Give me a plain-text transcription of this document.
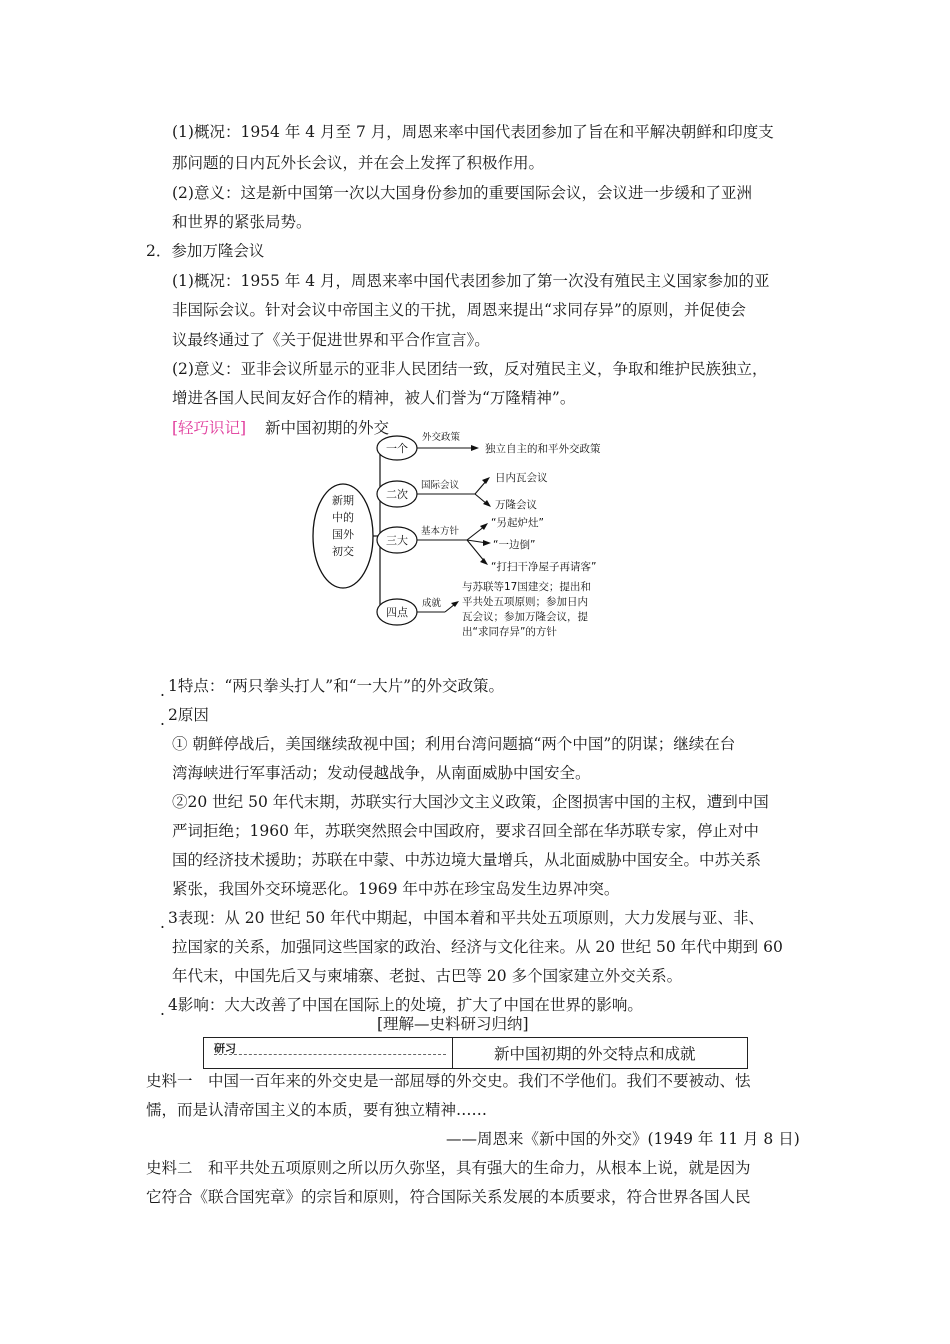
(1)概况：1954 年 4 月至 7 月，周恩来率中国代表团参加了旨在和平解决朝鲜和印度支
那问题的日内瓦外长会议，并在会上发挥了积极作用。
(2)意义：这是新中国第一次以大国身份参加的重要国际会议，会议进一步缓和了亚洲
和世界的紧张局势。
2．参加万隆会议
(1)概况：1955 年 4 月，周恩来率中国代表团参加了第一次没有殖民主义国家参加的亚
非国际会议。针对会议中帝国主义的干扰，周恩来提出“求同存异”的原则，并促使会
议最终通过了《关于促进世界和平合作宣言》。
(2)意义：亚非会议所显示的亚非人民团结一致，反对殖民主义，争取和维护民族独立，
增进各国人民间友好合作的精神，被人们誉为“万隆精神”。
[轻巧识记] 新中国初期的外交
新期
中的
国外
初交
一个
二次
三大
四点
外交政策
独立自主的和平外交政策
国际会议
日内瓦会议
万隆会议
基本方针
“另起炉灶”
“一边倒”
“打扫干净屋子再请客”
成就
与苏联等17国建交；提出和
平共处五项原则；参加日内
瓦会议；参加万隆会议，提
出“求同存异”的方针
. 1特点：“两只拳头打人”和“一大片”的外交政策。
. 2原因
① 朝鲜停战后，美国继续敌视中国；利用台湾问题搞“两个中国”的阴谋；继续在台
湾海峡进行军事活动；发动侵越战争，从南面威胁中国安全。
②20 世纪 50 年代末期，苏联实行大国沙文主义政策，企图损害中国的主权，遭到中国
严词拒绝；1960 年，苏联突然照会中国政府，要求召回全部在华苏联专家，停止对中
国的经济技术援助；苏联在中蒙、中苏边境大量增兵，从北面威胁中国安全。中苏关系
紧张，我国外交环境恶化。1969 年中苏在珍宝岛发生边界冲突。
. 3表现：从 20 世纪 50 年代中期起，中国本着和平共处五项原则，大力发展与亚、非、
拉国家的关系，加强同这些国家的政治、经济与文化往来。从 20 世纪 50 年代中期到 60
年代末，中国先后又与柬埔寨、老挝、古巴等 20 多个国家建立外交关系。
. 4影响：大大改善了中国在国际上的处境，扩大了中国在世界的影响。
[理解—史料研习归纳]
研习	新中国初期的外交特点和成就
史料一　中国一百年来的外交史是一部屈辱的外交史。我们不学他们。我们不要被动、怯
懦，而是认清帝国主义的本质，要有独立精神……
——周恩来《新中国的外交》(1949 年 11 月 8 日)
史料二　和平共处五项原则之所以历久弥坚，具有强大的生命力，从根本上说，就是因为
它符合《联合国宪章》的宗旨和原则，符合国际关系发展的本质要求，符合世界各国人民
